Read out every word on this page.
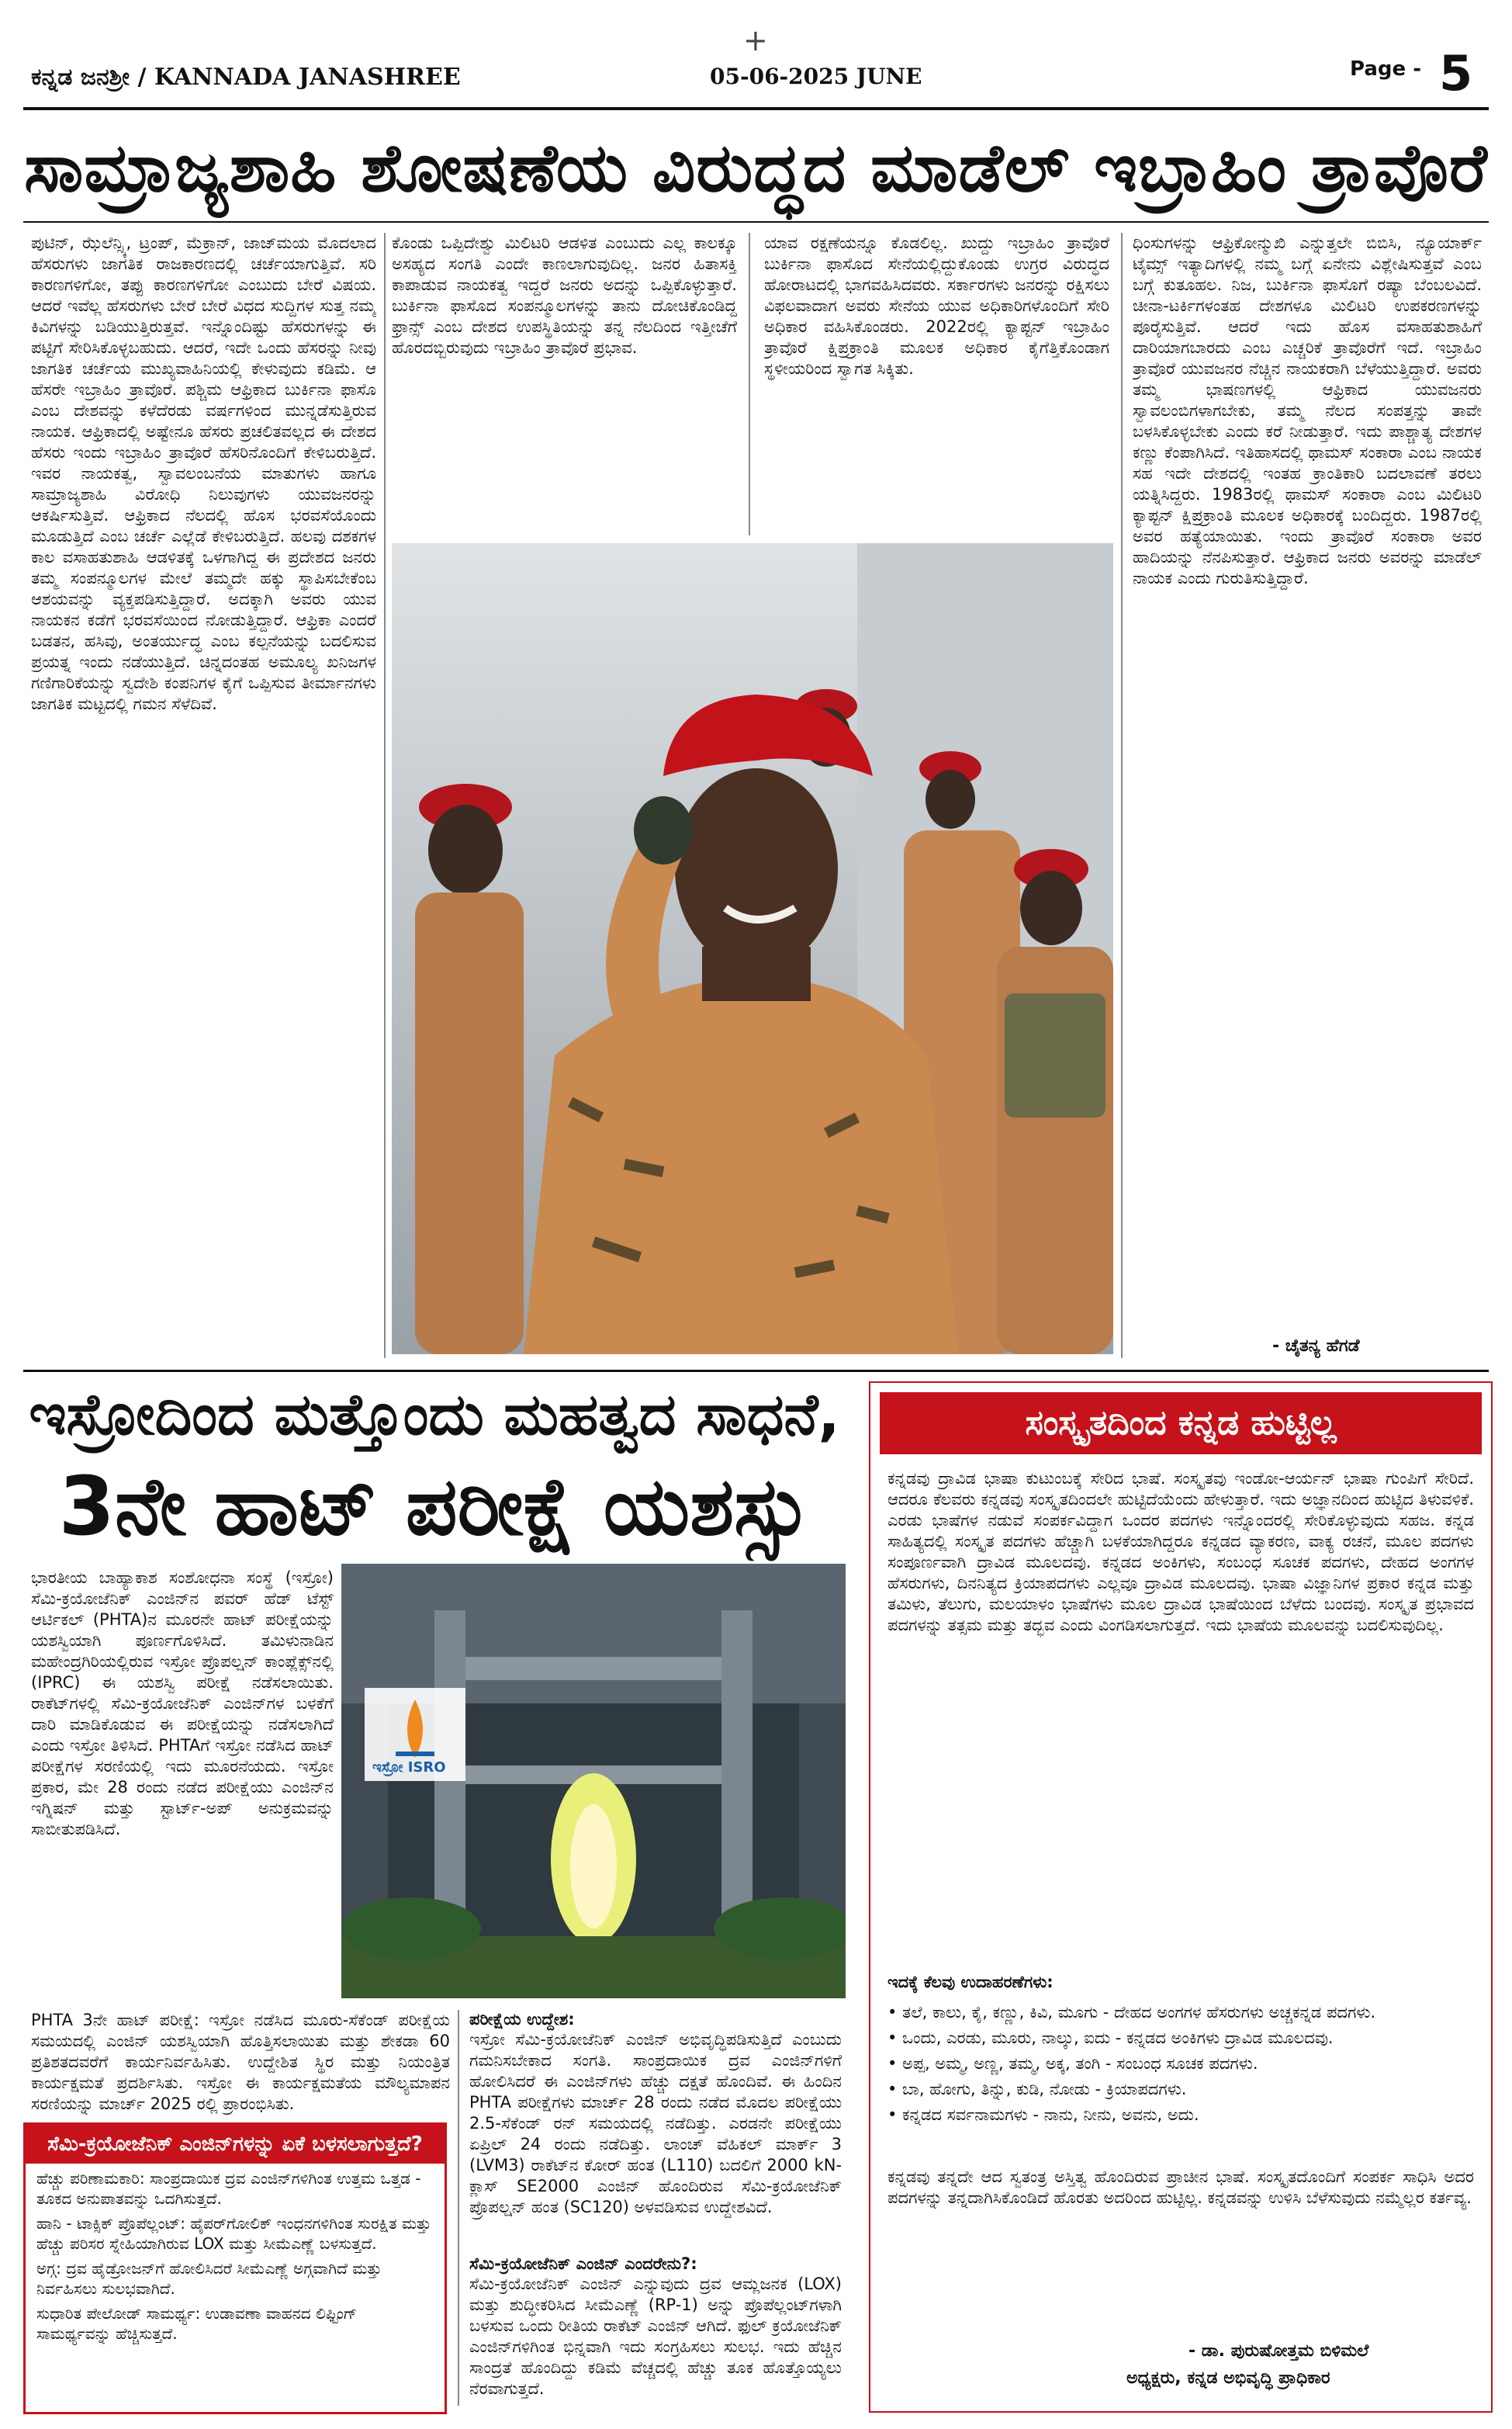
+
ಕನ್ನಡ ಜನಶ್ರೀ / KANNADA JANASHREE	05-06-2025 JUNE	Page - 5
ಸಾಮ್ರಾಜ್ಯಶಾಹಿ ಶೋಷಣೆಯ ವಿರುದ್ಧದ ಮಾಡೆಲ್ ಇಬ್ರಾಹಿಂ ತ್ರಾವೊರೆ
ಪುಟಿನ್, ಝೆಲೆನ್ಸ್ಕಿ, ಟ್ರಂಪ್, ಮೆಕ್ರಾನ್, ಜಾಜ್‌ಮಯ ಮೊದಲಾದ ಹೆಸರುಗಳು ಜಾಗತಿಕ ರಾಜಕಾರಣದಲ್ಲಿ ಚರ್ಚೆಯಾಗುತ್ತಿವೆ. ಸರಿ ಕಾರಣಗಳಿಗೋ, ತಪ್ಪು ಕಾರಣಗಳಿಗೋ ಎಂಬುದು ಬೇರೆ ವಿಷಯ. ಆದರೆ ಇವೆಲ್ಲ ಹೆಸರುಗಳು ಬೇರೆ ಬೇರೆ ವಿಧದ ಸುದ್ದಿಗಳ ಸುತ್ತ ನಮ್ಮ ಕಿವಿಗಳನ್ನು ಬಡಿಯುತ್ತಿರುತ್ತವೆ. ಇನ್ನೊಂದಿಷ್ಟು ಹೆಸರುಗಳನ್ನು ಈ ಪಟ್ಟಿಗೆ ಸೇರಿಸಿಕೊಳ್ಳಬಹುದು. ಆದರೆ, ಇದೇ ಒಂದು ಹೆಸರನ್ನು ನೀವು ಜಾಗತಿಕ ಚರ್ಚೆಯ ಮುಖ್ಯವಾಹಿನಿಯಲ್ಲಿ ಕೇಳುವುದು ಕಡಿಮೆ. ಆ ಹೆಸರೇ ಇಬ್ರಾಹಿಂ ತ್ರಾವೊರೆ. ಪಶ್ಚಿಮ ಆಫ್ರಿಕಾದ ಬುರ್ಕಿನಾ ಫಾಸೊ ಎಂಬ ದೇಶವನ್ನು ಕಳೆದೆರಡು ವರ್ಷಗಳಿಂದ ಮುನ್ನಡೆಸುತ್ತಿರುವ ನಾಯಕ. ಆಫ್ರಿಕಾದಲ್ಲಿ ಅಷ್ಟೇನೂ ಹೆಸರು ಪ್ರಚಲಿತವಲ್ಲದ ಈ ದೇಶದ ಹೆಸರು ಇಂದು ಇಬ್ರಾಹಿಂ ತ್ರಾವೊರೆ ಹೆಸರಿನೊಂದಿಗೆ ಕೇಳಿಬರುತ್ತಿದೆ. ಇವರ ನಾಯಕತ್ವ, ಸ್ವಾವಲಂಬನೆಯ ಮಾತುಗಳು ಹಾಗೂ ಸಾಮ್ರಾಜ್ಯಶಾಹಿ ವಿರೋಧಿ ನಿಲುವುಗಳು ಯುವಜನರನ್ನು ಆಕರ್ಷಿಸುತ್ತಿವೆ. ಆಫ್ರಿಕಾದ ನೆಲದಲ್ಲಿ ಹೊಸ ಭರವಸೆಯೊಂದು ಮೂಡುತ್ತಿದೆ ಎಂಬ ಚರ್ಚೆ ಎಲ್ಲೆಡೆ ಕೇಳಿಬರುತ್ತಿದೆ. ಹಲವು ದಶಕಗಳ ಕಾಲ ವಸಾಹತುಶಾಹಿ ಆಡಳಿತಕ್ಕೆ ಒಳಗಾಗಿದ್ದ ಈ ಪ್ರದೇಶದ ಜನರು ತಮ್ಮ ಸಂಪನ್ಮೂಲಗಳ ಮೇಲೆ ತಮ್ಮದೇ ಹಕ್ಕು ಸ್ಥಾಪಿಸಬೇಕೆಂಬ ಆಶಯವನ್ನು ವ್ಯಕ್ತಪಡಿಸುತ್ತಿದ್ದಾರೆ. ಅದಕ್ಕಾಗಿ ಅವರು ಯುವ ನಾಯಕನ ಕಡೆಗೆ ಭರವಸೆಯಿಂದ ನೋಡುತ್ತಿದ್ದಾರೆ. ಆಫ್ರಿಕಾ ಎಂದರೆ ಬಡತನ, ಹಸಿವು, ಅಂತರ್ಯುದ್ಧ ಎಂಬ ಕಲ್ಪನೆಯನ್ನು ಬದಲಿಸುವ ಪ್ರಯತ್ನ ಇಂದು ನಡೆಯುತ್ತಿದೆ. ಚಿನ್ನದಂತಹ ಅಮೂಲ್ಯ ಖನಿಜಗಳ ಗಣಿಗಾರಿಕೆಯನ್ನು ಸ್ವದೇಶಿ ಕಂಪನಿಗಳ ಕೈಗೆ ಒಪ್ಪಿಸುವ ತೀರ್ಮಾನಗಳು ಜಾಗತಿಕ ಮಟ್ಟದಲ್ಲಿ ಗಮನ ಸೆಳೆದಿವೆ.
ಕೊಂಡು ಒಪ್ಪಿದೇಶ್ವು ಮಿಲಿಟರಿ ಆಡಳಿತ ಎಂಬುದು ಎಲ್ಲ ಕಾಲಕ್ಕೂ ಅಸಹ್ಯದ ಸಂಗತಿ ಎಂದೇ ಕಾಣಲಾಗುವುದಿಲ್ಲ. ಜನರ ಹಿತಾಸಕ್ತಿ ಕಾಪಾಡುವ ನಾಯಕತ್ವ ಇದ್ದರೆ ಜನರು ಅದನ್ನು ಒಪ್ಪಿಕೊಳ್ಳುತ್ತಾರೆ. ಬುರ್ಕಿನಾ ಫಾಸೊದ ಸಂಪನ್ಮೂಲಗಳನ್ನು ತಾನು ದೋಚಿಕೊಂಡಿದ್ದ ಫ್ರಾನ್ಸ್ ಎಂಬ ದೇಶದ ಉಪಸ್ಥಿತಿಯನ್ನು ತನ್ನ ನೆಲದಿಂದ ಇತ್ತೀಚೆಗೆ ಹೊರದಬ್ಬಿರುವುದು ಇಬ್ರಾಹಿಂ ತ್ರಾವೊರೆ ಪ್ರಭಾವ.
ಯಾವ ರಕ್ಷಣೆಯನ್ನೂ ಕೊಡಲಿಲ್ಲ. ಖುದ್ದು ಇಬ್ರಾಹಿಂ ತ್ರಾವೊರೆ ಬುರ್ಕಿನಾ ಫಾಸೊದ ಸೇನೆಯಲ್ಲಿದ್ದುಕೊಂಡು ಉಗ್ರರ ವಿರುದ್ಧದ ಹೋರಾಟದಲ್ಲಿ ಭಾಗವಹಿಸಿದವರು. ಸರ್ಕಾರಗಳು ಜನರನ್ನು ರಕ್ಷಿಸಲು ವಿಫಲವಾದಾಗ ಅವರು ಸೇನೆಯ ಯುವ ಅಧಿಕಾರಿಗಳೊಂದಿಗೆ ಸೇರಿ ಅಧಿಕಾರ ವಹಿಸಿಕೊಂಡರು. 2022ರಲ್ಲಿ ಕ್ಯಾಪ್ಟನ್ ಇಬ್ರಾಹಿಂ ತ್ರಾವೊರೆ ಕ್ಷಿಪ್ರಕ್ರಾಂತಿ ಮೂಲಕ ಅಧಿಕಾರ ಕೈಗೆತ್ತಿಕೊಂಡಾಗ ಸ್ಥಳೀಯರಿಂದ ಸ್ವಾಗತ ಸಿಕ್ಕಿತು.
ಧಿಂಸುಗಳನ್ನು ಆಫ್ರಿಕೋನ್ಮುಖಿ ಎನ್ನುತ್ತಲೇ ಬಿಬಿಸಿ, ನ್ಯೂಯಾರ್ಕ್ ಟೈಮ್ಸ್ ಇತ್ಯಾದಿಗಳಲ್ಲಿ ನಮ್ಮ ಬಗ್ಗೆ ಏನೇನು ವಿಶ್ಲೇಷಿಸುತ್ತವೆ ಎಂಬ ಬಗ್ಗೆ ಕುತೂಹಲ. ನಿಜ, ಬುರ್ಕಿನಾ ಫಾಸೊಗೆ ರಷ್ಯಾ ಬೆಂಬಲವಿದೆ. ಚೀನಾ-ಟರ್ಕಿಗಳಂತಹ ದೇಶಗಳೂ ಮಿಲಿಟರಿ ಉಪಕರಣಗಳನ್ನು ಪೂರೈಸುತ್ತಿವೆ. ಆದರೆ ಇದು ಹೊಸ ವಸಾಹತುಶಾಹಿಗೆ ದಾರಿಯಾಗಬಾರದು ಎಂಬ ಎಚ್ಚರಿಕೆ ತ್ರಾವೊರೆಗೆ ಇದೆ. ಇಬ್ರಾಹಿಂ ತ್ರಾವೊರೆ ಯುವಜನರ ನೆಚ್ಚಿನ ನಾಯಕರಾಗಿ ಬೆಳೆಯುತ್ತಿದ್ದಾರೆ. ಅವರು ತಮ್ಮ ಭಾಷಣಗಳಲ್ಲಿ ಆಫ್ರಿಕಾದ ಯುವಜನರು ಸ್ವಾವಲಂಬಿಗಳಾಗಬೇಕು, ತಮ್ಮ ನೆಲದ ಸಂಪತ್ತನ್ನು ತಾವೇ ಬಳಸಿಕೊಳ್ಳಬೇಕು ಎಂದು ಕರೆ ನೀಡುತ್ತಾರೆ. ಇದು ಪಾಶ್ಚಾತ್ಯ ದೇಶಗಳ ಕಣ್ಣು ಕೆಂಪಾಗಿಸಿದೆ. ಇತಿಹಾಸದಲ್ಲಿ ಥಾಮಸ್ ಸಂಕಾರಾ ಎಂಬ ನಾಯಕ ಸಹ ಇದೇ ದೇಶದಲ್ಲಿ ಇಂತಹ ಕ್ರಾಂತಿಕಾರಿ ಬದಲಾವಣೆ ತರಲು ಯತ್ನಿಸಿದ್ದರು. 1983ರಲ್ಲಿ ಥಾಮಸ್ ಸಂಕಾರಾ ಎಂಬ ಮಿಲಿಟರಿ ಕ್ಯಾಪ್ಟನ್ ಕ್ಷಿಪ್ರಕ್ರಾಂತಿ ಮೂಲಕ ಅಧಿಕಾರಕ್ಕೆ ಬಂದಿದ್ದರು. 1987ರಲ್ಲಿ ಅವರ ಹತ್ಯೆಯಾಯಿತು. ಇಂದು ತ್ರಾವೊರೆ ಸಂಕಾರಾ ಅವರ ಹಾದಿಯನ್ನು ನೆನಪಿಸುತ್ತಾರೆ. ಆಫ್ರಿಕಾದ ಜನರು ಅವರನ್ನು ಮಾಡೆಲ್ ನಾಯಕ ಎಂದು ಗುರುತಿಸುತ್ತಿದ್ದಾರೆ.
- ಚೈತನ್ಯ ಹೆಗಡೆ
ಇಸ್ರೋದಿಂದ ಮತ್ತೊಂದು ಮಹತ್ವದ ಸಾಧನೆ,
3ನೇ ಹಾಟ್ ಪರೀಕ್ಷೆ ಯಶಸ್ಸು
ಭಾರತೀಯ ಬಾಹ್ಯಾಕಾಶ ಸಂಶೋಧನಾ ಸಂಸ್ಥೆ (ಇಸ್ರೋ) ಸೆಮಿ-ಕ್ರಯೋಜೆನಿಕ್ ಎಂಜಿನ್‌ನ ಪವರ್ ಹೆಡ್ ಟೆಸ್ಟ್ ಆರ್ಟಿಕಲ್ (PHTA)ನ ಮೂರನೇ ಹಾಟ್ ಪರೀಕ್ಷೆಯನ್ನು ಯಶಸ್ವಿಯಾಗಿ ಪೂರ್ಣಗೊಳಿಸಿದೆ. ತಮಿಳುನಾಡಿನ ಮಹೇಂದ್ರಗಿರಿಯಲ್ಲಿರುವ ಇಸ್ರೋ ಪ್ರೊಪಲ್ಷನ್ ಕಾಂಪ್ಲೆಕ್ಸ್‌ನಲ್ಲಿ (IPRC) ಈ ಯಶಸ್ವಿ ಪರೀಕ್ಷೆ ನಡೆಸಲಾಯಿತು. ರಾಕೆಟ್‌ಗಳಲ್ಲಿ ಸೆಮಿ-ಕ್ರಯೋಜೆನಿಕ್ ಎಂಜಿನ್‌ಗಳ ಬಳಕೆಗೆ ದಾರಿ ಮಾಡಿಕೊಡುವ ಈ ಪರೀಕ್ಷೆಯನ್ನು ನಡೆಸಲಾಗಿದೆ ಎಂದು ಇಸ್ರೋ ತಿಳಿಸಿದೆ. PHTAಗೆ ಇಸ್ರೋ ನಡೆಸಿದ ಹಾಟ್ ಪರೀಕ್ಷೆಗಳ ಸರಣಿಯಲ್ಲಿ ಇದು ಮೂರನೆಯದು. ಇಸ್ರೋ ಪ್ರಕಾರ, ಮೇ 28 ರಂದು ನಡೆದ ಪರೀಕ್ಷೆಯು ಎಂಜಿನ್‌ನ ಇಗ್ನಿಷನ್ ಮತ್ತು ಸ್ಟಾರ್ಟ್-ಅಪ್ ಅನುಕ್ರಮವನ್ನು ಸಾಬೀತುಪಡಿಸಿದೆ.
ಇಸ್ರೋ ISRO
PHTA 3ನೇ ಹಾಟ್ ಪರೀಕ್ಷೆ: ಇಸ್ರೋ ನಡೆಸಿದ ಮೂರು-ಸೆಕೆಂಡ್ ಪರೀಕ್ಷೆಯ ಸಮಯದಲ್ಲಿ ಎಂಜಿನ್ ಯಶಸ್ವಿಯಾಗಿ ಹೊತ್ತಿಸಲಾಯಿತು ಮತ್ತು ಶೇಕಡಾ 60 ಪ್ರತಿಶತದವರೆಗೆ ಕಾರ್ಯನಿರ್ವಹಿಸಿತು. ಉದ್ದೇಶಿತ ಸ್ಥಿರ ಮತ್ತು ನಿಯಂತ್ರಿತ ಕಾರ್ಯಕ್ಷಮತೆ ಪ್ರದರ್ಶಿಸಿತು. ಇಸ್ರೋ ಈ ಕಾರ್ಯಕ್ಷಮತೆಯ ಮೌಲ್ಯಮಾಪನ ಸರಣಿಯನ್ನು ಮಾರ್ಚ್ 2025 ರಲ್ಲಿ ಪ್ರಾರಂಭಿಸಿತು.
ಪರೀಕ್ಷೆಯ ಉದ್ದೇಶ:
ಇಸ್ರೋ ಸೆಮಿ-ಕ್ರಯೋಜೆನಿಕ್ ಎಂಜಿನ್ ಅಭಿವೃದ್ಧಿಪಡಿಸುತ್ತಿದೆ ಎಂಬುದು ಗಮನಿಸಬೇಕಾದ ಸಂಗತಿ. ಸಾಂಪ್ರದಾಯಿಕ ದ್ರವ ಎಂಜಿನ್‌ಗಳಿಗೆ ಹೋಲಿಸಿದರೆ ಈ ಎಂಜಿನ್‌ಗಳು ಹೆಚ್ಚು ದಕ್ಷತೆ ಹೊಂದಿವೆ. ಈ ಹಿಂದಿನ PHTA ಪರೀಕ್ಷೆಗಳು ಮಾರ್ಚ್ 28 ರಂದು ನಡೆದ ಮೊದಲ ಪರೀಕ್ಷೆಯು 2.5-ಸೆಕೆಂಡ್ ರನ್ ಸಮಯದಲ್ಲಿ ನಡೆದಿತ್ತು. ಎರಡನೇ ಪರೀಕ್ಷೆಯು ಏಪ್ರಿಲ್ 24 ರಂದು ನಡೆದಿತ್ತು. ಲಾಂಚ್ ವೆಹಿಕಲ್ ಮಾರ್ಕ್ 3 (LVM3) ರಾಕೆಟ್‌ನ ಕೋರ್ ಹಂತ (L110) ಬದಲಿಗೆ 2000 kN-ಕ್ಲಾಸ್ SE2000 ಎಂಜಿನ್ ಹೊಂದಿರುವ ಸೆಮಿ-ಕ್ರಯೋಜೆನಿಕ್ ಪ್ರೊಪಲ್ಷನ್ ಹಂತ (SC120) ಅಳವಡಿಸುವ ಉದ್ದೇಶವಿದೆ.
ಸೆಮಿ-ಕ್ರಯೋಜೆನಿಕ್ ಎಂಜಿನ್ ಎಂದರೇನು?:
ಸೆಮಿ-ಕ್ರಯೋಜೆನಿಕ್ ಎಂಜಿನ್ ಎನ್ನುವುದು ದ್ರವ ಆಮ್ಲಜನಕ (LOX) ಮತ್ತು ಶುದ್ಧೀಕರಿಸಿದ ಸೀಮೆಎಣ್ಣೆ (RP-1) ಅನ್ನು ಪ್ರೊಪೆಲ್ಲಂಟ್‌ಗಳಾಗಿ ಬಳಸುವ ಒಂದು ರೀತಿಯ ರಾಕೆಟ್ ಎಂಜಿನ್ ಆಗಿದೆ. ಫುಲ್ ಕ್ರಯೋಜೆನಿಕ್ ಎಂಜಿನ್‌ಗಳಿಗಿಂತ ಭಿನ್ನವಾಗಿ ಇದು ಸಂಗ್ರಹಿಸಲು ಸುಲಭ. ಇದು ಹೆಚ್ಚಿನ ಸಾಂದ್ರತೆ ಹೊಂದಿದ್ದು ಕಡಿಮೆ ವೆಚ್ಚದಲ್ಲಿ ಹೆಚ್ಚು ತೂಕ ಹೊತ್ತೊಯ್ಯಲು ನೆರವಾಗುತ್ತದೆ.
ಸೆಮಿ-ಕ್ರಯೋಜೆನಿಕ್ ಎಂಜಿನ್‌ಗಳನ್ನು ಏಕೆ ಬಳಸಲಾಗುತ್ತದೆ?
ಹೆಚ್ಚು ಪರಿಣಾಮಕಾರಿ: ಸಾಂಪ್ರದಾಯಿಕ ದ್ರವ ಎಂಜಿನ್‌ಗಳಿಗಿಂತ ಉತ್ತಮ ಒತ್ತಡ - ತೂಕದ ಅನುಪಾತವನ್ನು ಒದಗಿಸುತ್ತದೆ.
ಹಾನಿ - ಟಾಕ್ಸಿಕ್ ಪ್ರೊಪೆಲ್ಲಂಟ್: ಹೈಪರ್‌ಗೋಲಿಕ್ ಇಂಧನಗಳಿಗಿಂತ ಸುರಕ್ಷಿತ ಮತ್ತು ಹೆಚ್ಚು ಪರಿಸರ ಸ್ನೇಹಿಯಾಗಿರುವ LOX ಮತ್ತು ಸೀಮೆಎಣ್ಣೆ ಬಳಸುತ್ತದೆ.
ಅಗ್ಗ: ದ್ರವ ಹೈಡ್ರೋಜನ್‌ಗೆ ಹೋಲಿಸಿದರೆ ಸೀಮೆಎಣ್ಣೆ ಅಗ್ಗವಾಗಿದೆ ಮತ್ತು ನಿರ್ವಹಿಸಲು ಸುಲಭವಾಗಿದೆ.
ಸುಧಾರಿತ ಪೇಲೋಡ್ ಸಾಮರ್ಥ್ಯ: ಉಡಾವಣಾ ವಾಹನದ ಲಿಫ್ಟಿಂಗ್ ಸಾಮರ್ಥ್ಯವನ್ನು ಹೆಚ್ಚಿಸುತ್ತದೆ.
ಸಂಸ್ಕೃತದಿಂದ ಕನ್ನಡ ಹುಟ್ಟಿಲ್ಲ
ಕನ್ನಡವು ದ್ರಾವಿಡ ಭಾಷಾ ಕುಟುಂಬಕ್ಕೆ ಸೇರಿದ ಭಾಷೆ. ಸಂಸ್ಕೃತವು ಇಂಡೋ-ಆರ್ಯನ್ ಭಾಷಾ ಗುಂಪಿಗೆ ಸೇರಿದೆ. ಆದರೂ ಕೆಲವರು ಕನ್ನಡವು ಸಂಸ್ಕೃತದಿಂದಲೇ ಹುಟ್ಟಿದೆಯೆಂದು ಹೇಳುತ್ತಾರೆ. ಇದು ಅಜ್ಞಾನದಿಂದ ಹುಟ್ಟಿದ ತಿಳುವಳಿಕೆ. ಎರಡು ಭಾಷೆಗಳ ನಡುವೆ ಸಂಪರ್ಕವಿದ್ದಾಗ ಒಂದರ ಪದಗಳು ಇನ್ನೊಂದರಲ್ಲಿ ಸೇರಿಕೊಳ್ಳುವುದು ಸಹಜ. ಕನ್ನಡ ಸಾಹಿತ್ಯದಲ್ಲಿ ಸಂಸ್ಕೃತ ಪದಗಳು ಹೆಚ್ಚಾಗಿ ಬಳಕೆಯಾಗಿದ್ದರೂ ಕನ್ನಡದ ವ್ಯಾಕರಣ, ವಾಕ್ಯ ರಚನೆ, ಮೂಲ ಪದಗಳು ಸಂಪೂರ್ಣವಾಗಿ ದ್ರಾವಿಡ ಮೂಲದವು. ಕನ್ನಡದ ಅಂಕಿಗಳು, ಸಂಬಂಧ ಸೂಚಕ ಪದಗಳು, ದೇಹದ ಅಂಗಗಳ ಹೆಸರುಗಳು, ದಿನನಿತ್ಯದ ಕ್ರಿಯಾಪದಗಳು ಎಲ್ಲವೂ ದ್ರಾವಿಡ ಮೂಲದವು. ಭಾಷಾ ವಿಜ್ಞಾನಿಗಳ ಪ್ರಕಾರ ಕನ್ನಡ ಮತ್ತು ತಮಿಳು, ತೆಲುಗು, ಮಲಯಾಳಂ ಭಾಷೆಗಳು ಮೂಲ ದ್ರಾವಿಡ ಭಾಷೆಯಿಂದ ಬೆಳೆದು ಬಂದವು. ಸಂಸ್ಕೃತ ಪ್ರಭಾವದ ಪದಗಳನ್ನು ತತ್ಸಮ ಮತ್ತು ತದ್ಭವ ಎಂದು ವಿಂಗಡಿಸಲಾಗುತ್ತದೆ. ಇದು ಭಾಷೆಯ ಮೂಲವನ್ನು ಬದಲಿಸುವುದಿಲ್ಲ.
ಇದಕ್ಕೆ ಕೆಲವು ಉದಾಹರಣೆಗಳು:
• ತಲೆ, ಕಾಲು, ಕೈ, ಕಣ್ಣು, ಕಿವಿ, ಮೂಗು - ದೇಹದ ಅಂಗಗಳ ಹೆಸರುಗಳು ಅಚ್ಚಕನ್ನಡ ಪದಗಳು.
• ಒಂದು, ಎರಡು, ಮೂರು, ನಾಲ್ಕು, ಐದು - ಕನ್ನಡದ ಅಂಕಿಗಳು ದ್ರಾವಿಡ ಮೂಲದವು.
• ಅಪ್ಪ, ಅಮ್ಮ, ಅಣ್ಣ, ತಮ್ಮ, ಅಕ್ಕ, ತಂಗಿ - ಸಂಬಂಧ ಸೂಚಕ ಪದಗಳು.
• ಬಾ, ಹೋಗು, ತಿನ್ನು, ಕುಡಿ, ನೋಡು - ಕ್ರಿಯಾಪದಗಳು.
• ಕನ್ನಡದ ಸರ್ವನಾಮಗಳು - ನಾನು, ನೀನು, ಅವನು, ಅದು.
ಕನ್ನಡವು ತನ್ನದೇ ಆದ ಸ್ವತಂತ್ರ ಅಸ್ತಿತ್ವ ಹೊಂದಿರುವ ಪ್ರಾಚೀನ ಭಾಷೆ. ಸಂಸ್ಕೃತದೊಂದಿಗೆ ಸಂಪರ್ಕ ಸಾಧಿಸಿ ಅದರ ಪದಗಳನ್ನು ತನ್ನದಾಗಿಸಿಕೊಂಡಿದೆ ಹೊರತು ಅದರಿಂದ ಹುಟ್ಟಿಲ್ಲ. ಕನ್ನಡವನ್ನು ಉಳಿಸಿ ಬೆಳೆಸುವುದು ನಮ್ಮೆಲ್ಲರ ಕರ್ತವ್ಯ.
- ಡಾ. ಪುರುಷೋತ್ತಮ ಬಿಳಿಮಲೆ
ಅಧ್ಯಕ್ಷರು, ಕನ್ನಡ ಅಭಿವೃದ್ಧಿ ಪ್ರಾಧಿಕಾರ
